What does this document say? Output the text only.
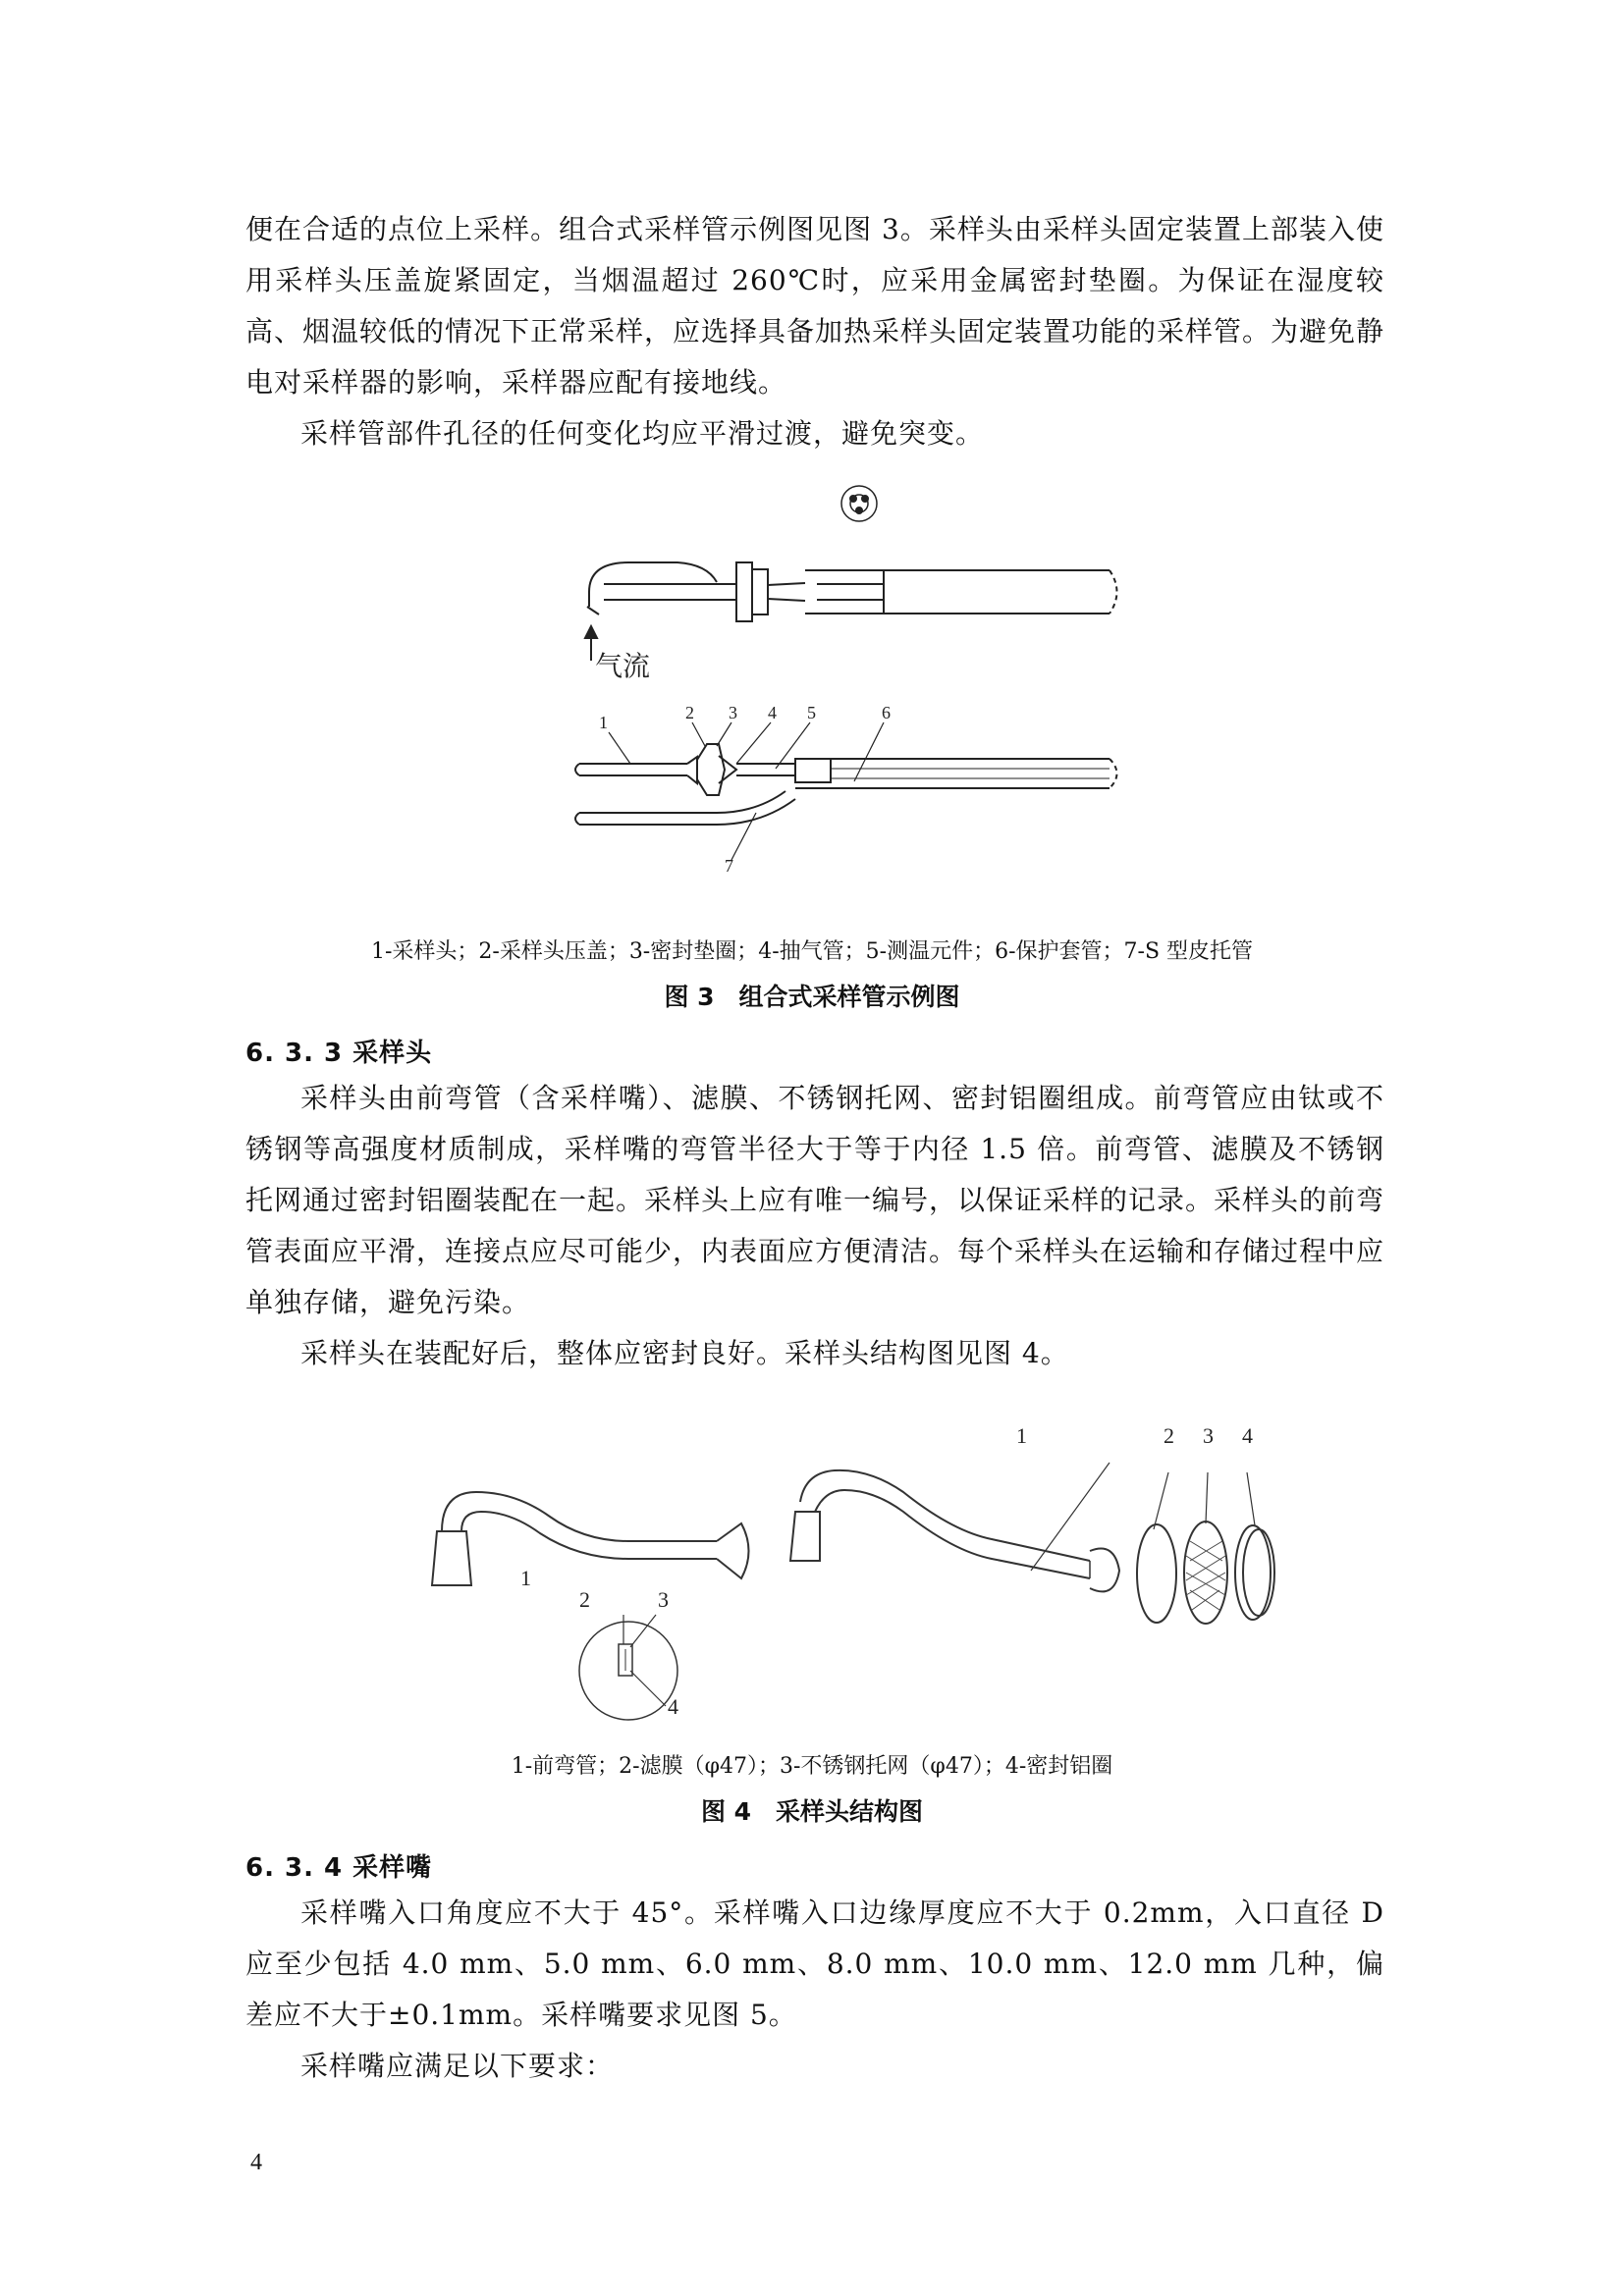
便在合适的点位上采样。组合式采样管示例图见图 3。采样头由采样头固定装置上部装入使用采样头压盖旋紧固定，当烟温超过 260℃时，应采用金属密封垫圈。为保证在湿度较高、烟温较低的情况下正常采样，应选择具备加热采样头固定装置功能的采样管。为避免静电对采样器的影响，采样器应配有接地线。

采样管部件孔径的任何变化均应平滑过渡，避免突变。

气流
1	2 3 4 5	6
7

1-采样头；2-采样头压盖；3-密封垫圈；4-抽气管；5-测温元件；6-保护套管；7-S 型皮托管

图 3　组合式采样管示例图

6. 3. 3 采样头

采样头由前弯管（含采样嘴）、滤膜、不锈钢托网、密封铝圈组成。前弯管应由钛或不锈钢等高强度材质制成，采样嘴的弯管半径大于等于内径 1.5 倍。前弯管、滤膜及不锈钢托网通过密封铝圈装配在一起。采样头上应有唯一编号，以保证采样的记录。采样头的前弯管表面应平滑，连接点应尽可能少，内表面应方便清洁。每个采样头在运输和存储过程中应单独存储，避免污染。

采样头在装配好后，整体应密封良好。采样头结构图见图 4。

1
2	3
4
1	2 3 4

1-前弯管；2-滤膜（φ47）；3-不锈钢托网（φ47）；4-密封铝圈

图 4　采样头结构图

6. 3. 4 采样嘴

采样嘴入口角度应不大于 45°。采样嘴入口边缘厚度应不大于 0.2mm，入口直径 D 应至少包括 4.0 mm、5.0 mm、6.0 mm、8.0 mm、10.0 mm、12.0 mm 几种，偏差应不大于±0.1mm。采样嘴要求见图 5。

采样嘴应满足以下要求：

4
